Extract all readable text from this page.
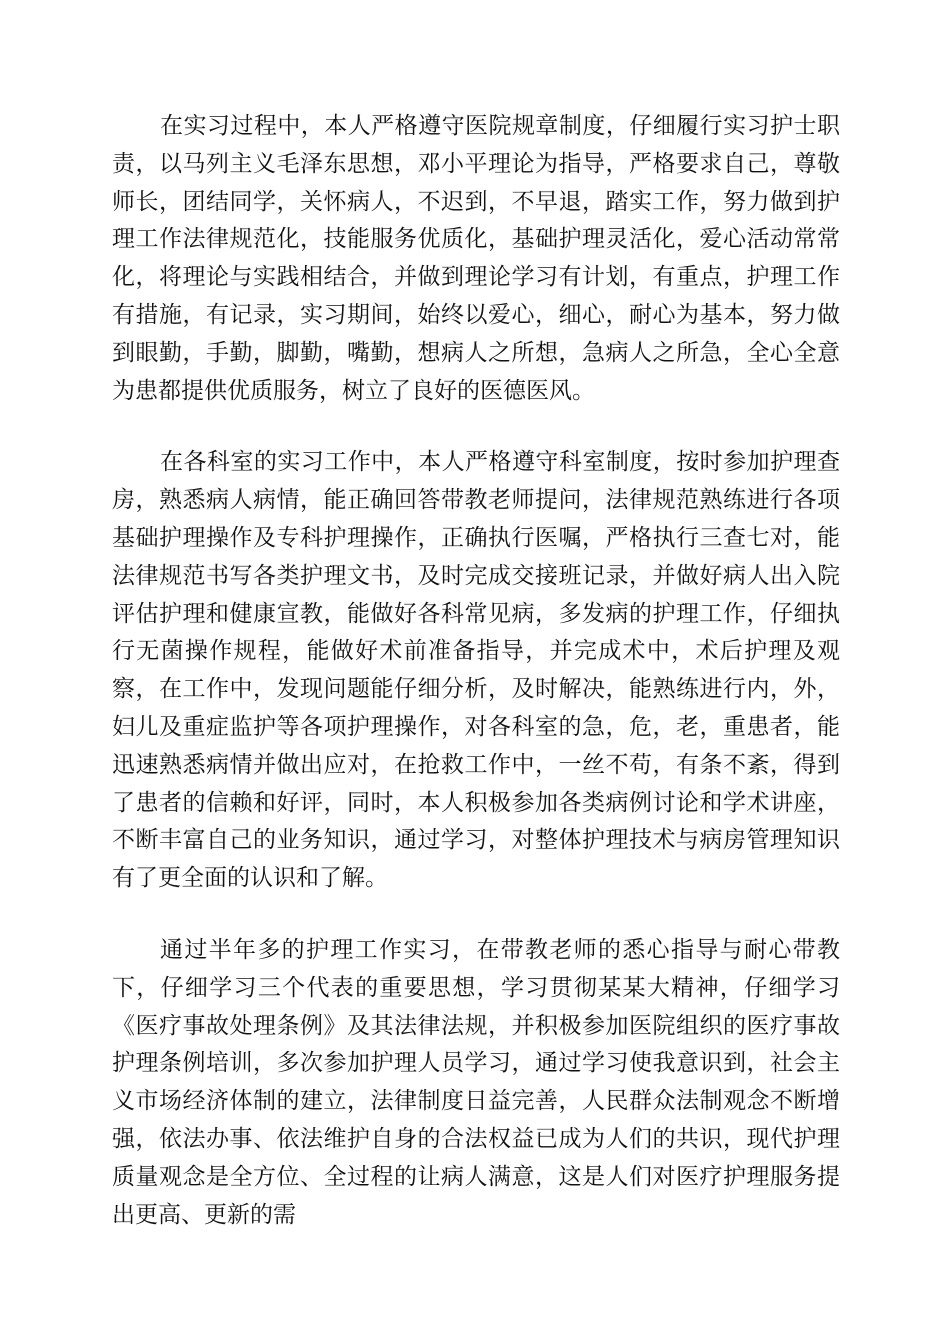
在实习过程中，本人严格遵守医院规章制度，仔细履行实习护士职责，以马列主义毛泽东思想，邓小平理论为指导，严格要求自己，尊敬师长，团结同学，关怀病人，不迟到，不早退，踏实工作，努力做到护理工作法律规范化，技能服务优质化，基础护理灵活化，爱心活动常常化，将理论与实践相结合，并做到理论学习有计划，有重点，护理工作有措施，有记录，实习期间，始终以爱心，细心，耐心为基本，努力做到眼勤，手勤，脚勤，嘴勤，想病人之所想，急病人之所急，全心全意为患都提供优质服务，树立了良好的医德医风。

在各科室的实习工作中，本人严格遵守科室制度，按时参加护理查房，熟悉病人病情，能正确回答带教老师提问，法律规范熟练进行各项基础护理操作及专科护理操作，正确执行医嘱，严格执行三查七对，能法律规范书写各类护理文书，及时完成交接班记录，并做好病人出入院评估护理和健康宣教，能做好各科常见病，多发病的护理工作，仔细执行无菌操作规程，能做好术前准备指导，并完成术中，术后护理及观察，在工作中，发现问题能仔细分析，及时解决，能熟练进行内，外，妇儿及重症监护等各项护理操作，对各科室的急，危，老，重患者，能迅速熟悉病情并做出应对，在抢救工作中，一丝不苟，有条不紊，得到了患者的信赖和好评，同时，本人积极参加各类病例讨论和学术讲座，不断丰富自己的业务知识，通过学习，对整体护理技术与病房管理知识有了更全面的认识和了解。

通过半年多的护理工作实习，在带教老师的悉心指导与耐心带教下，仔细学习三个代表的重要思想，学习贯彻某某大精神，仔细学习《医疗事故处理条例》及其法律法规，并积极参加医院组织的医疗事故护理条例培训，多次参加护理人员学习，通过学习使我意识到，社会主义市场经济体制的建立，法律制度日益完善，人民群众法制观念不断增强，依法办事、依法维护自身的合法权益已成为人们的共识，现代护理质量观念是全方位、全过程的让病人满意，这是人们对医疗护理服务提出更高、更新的需
